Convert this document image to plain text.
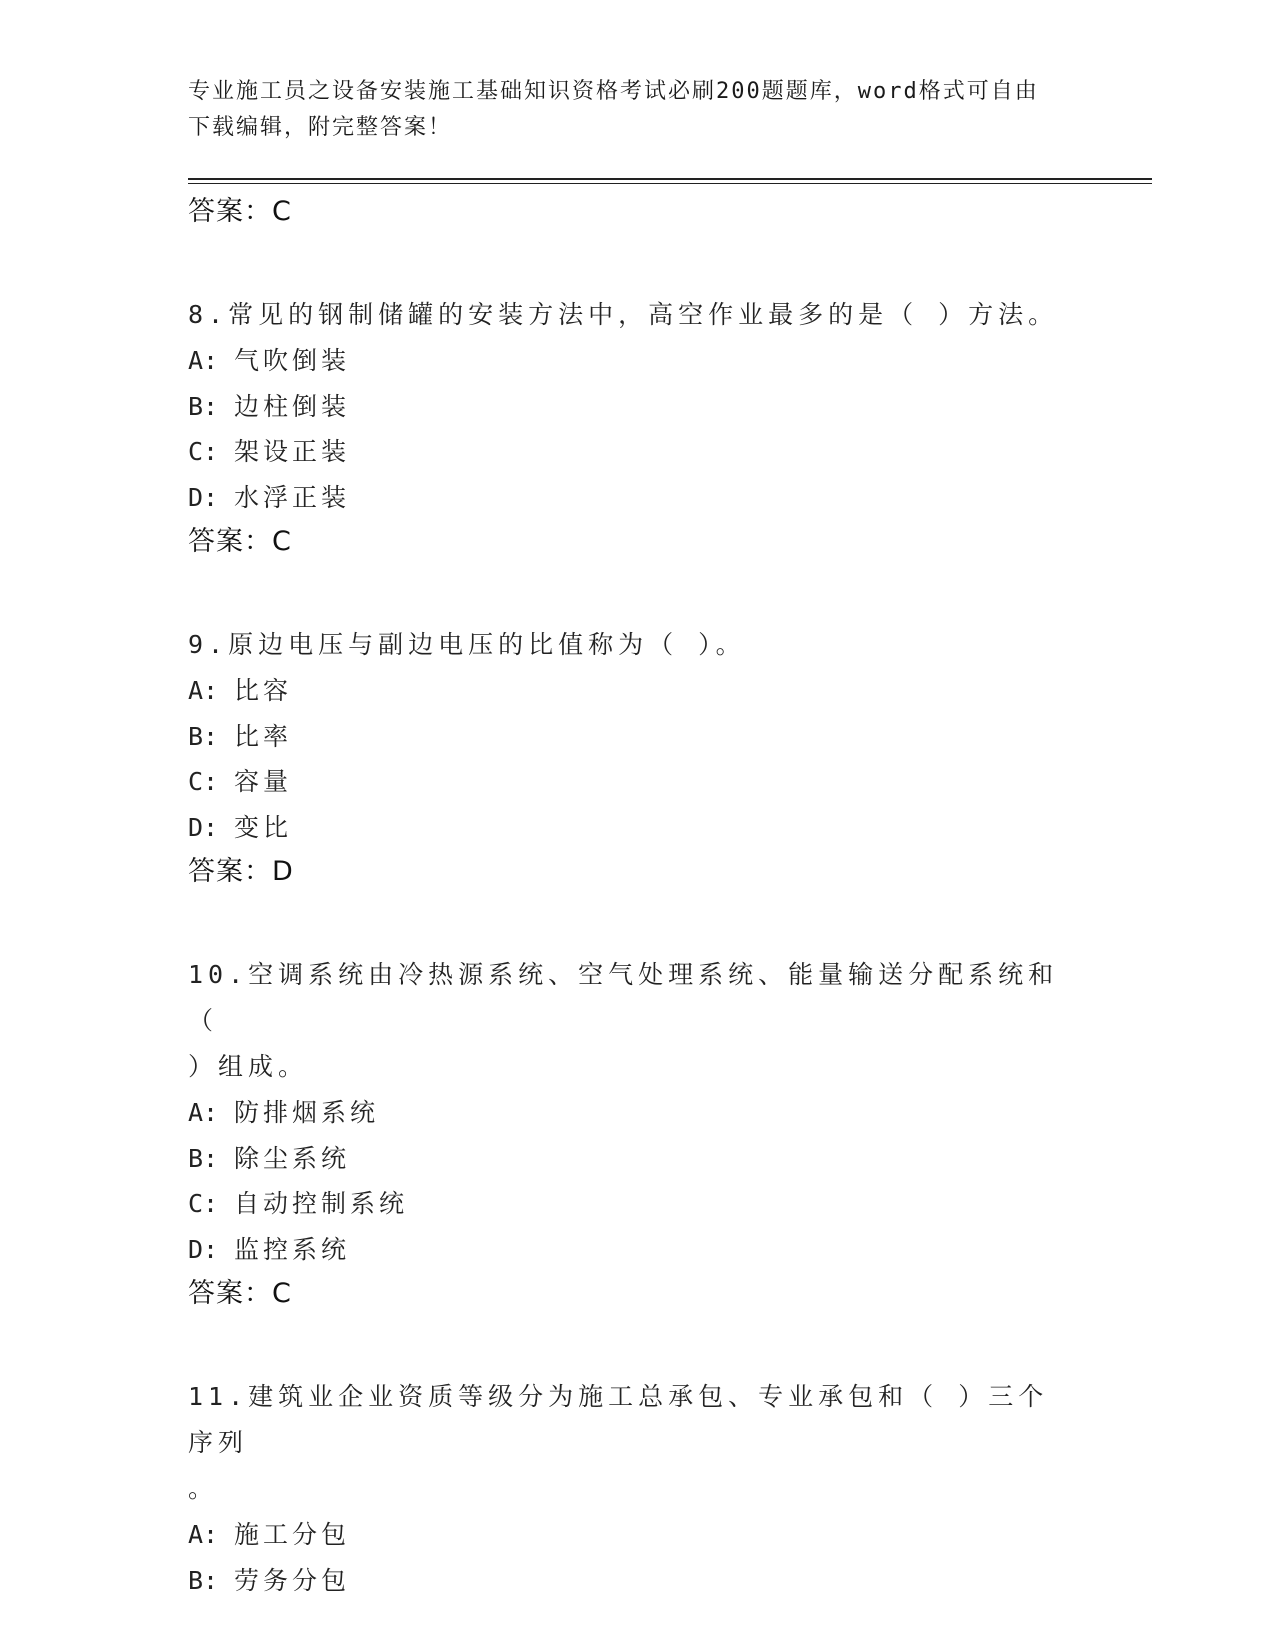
专业施工员之设备安装施工基础知识资格考试必刷200题题库，word格式可自由
下载编辑，附完整答案！
答案：C
8.常见的钢制储罐的安装方法中，高空作业最多的是（ ）方法。
A: 气吹倒装
B: 边柱倒装
C: 架设正装
D: 水浮正装
答案：C
9.原边电压与副边电压的比值称为（ ）。
A: 比容
B: 比率
C: 容量
D: 变比
答案：D
10.空调系统由冷热源系统、空气处理系统、能量输送分配系统和（
）组成。
A: 防排烟系统
B: 除尘系统
C: 自动控制系统
D: 监控系统
答案：C
11.建筑业企业资质等级分为施工总承包、专业承包和（ ）三个序列
。
A: 施工分包
B: 劳务分包
